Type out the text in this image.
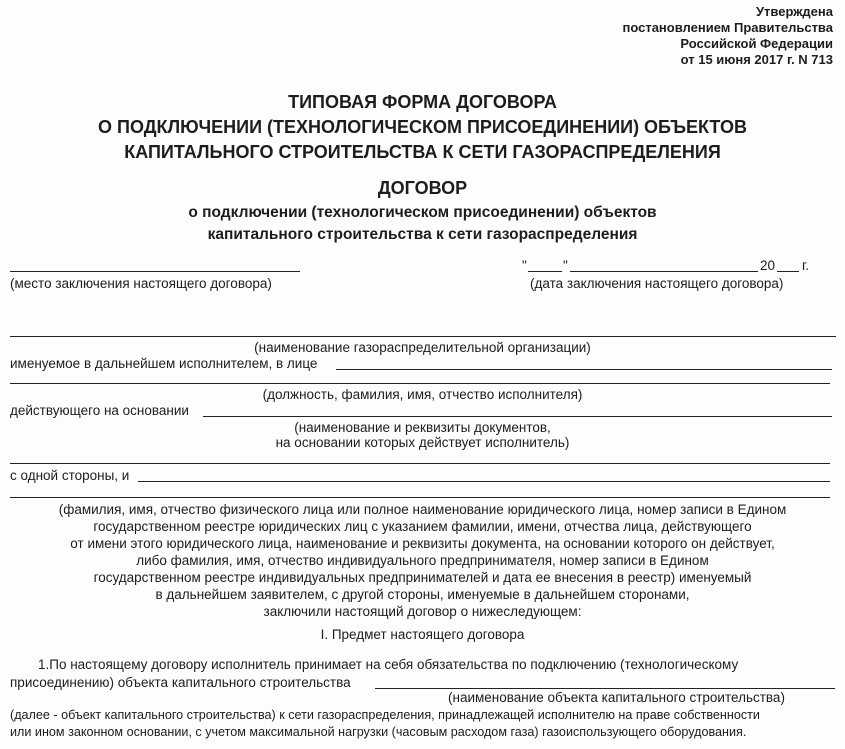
Утверждена
постановлением Правительства
Российской Федерации
от 15 июня 2017 г. N 713
ТИПОВАЯ ФОРМА ДОГОВОРА
О ПОДКЛЮЧЕНИИ (ТЕХНОЛОГИЧЕСКОМ ПРИСОЕДИНЕНИИ) ОБЪЕКТОВ
КАПИТАЛЬНОГО СТРОИТЕЛЬСТВА К СЕТИ ГАЗОРАСПРЕДЕЛЕНИЯ
ДОГОВОР
о подключении (технологическом присоединении) объектов
капитального строительства к сети газораспределения
(место заключения настоящего договора)
"	"	20 г.
(дата заключения настоящего договора)
(наименование газораспределительной организации)
именуемое в дальнейшем исполнителем, в лице
(должность, фамилия, имя, отчество исполнителя)
действующего на основании
(наименование и реквизиты документов,
на основании которых действует исполнитель)
с одной стороны, и
(фамилия, имя, отчество физического лица или полное наименование юридического лица, номер записи в Едином
государственном реестре юридических лиц с указанием фамилии, имени, отчества лица, действующего
от имени этого юридического лица, наименование и реквизиты документа, на основании которого он действует,
либо фамилия, имя, отчество индивидуального предпринимателя, номер записи в Едином
государственном реестре индивидуальных предпринимателей и дата ее внесения в реестр) именуемый
в дальнейшем заявителем, с другой стороны, именуемые в дальнейшем сторонами,
заключили настоящий договор о нижеследующем:
I. Предмет настоящего договора
1.По настоящему договору исполнитель принимает на себя обязательства по подключению (технологическому
присоединению) объекта капитального строительства
(наименование объекта капитального строительства)
(далее - объект капитального строительства) к сети газораспределения, принадлежащей исполнителю на праве собственности
или ином законном основании, с учетом максимальной нагрузки (часовым расходом газа) газоиспользующего оборудования.
